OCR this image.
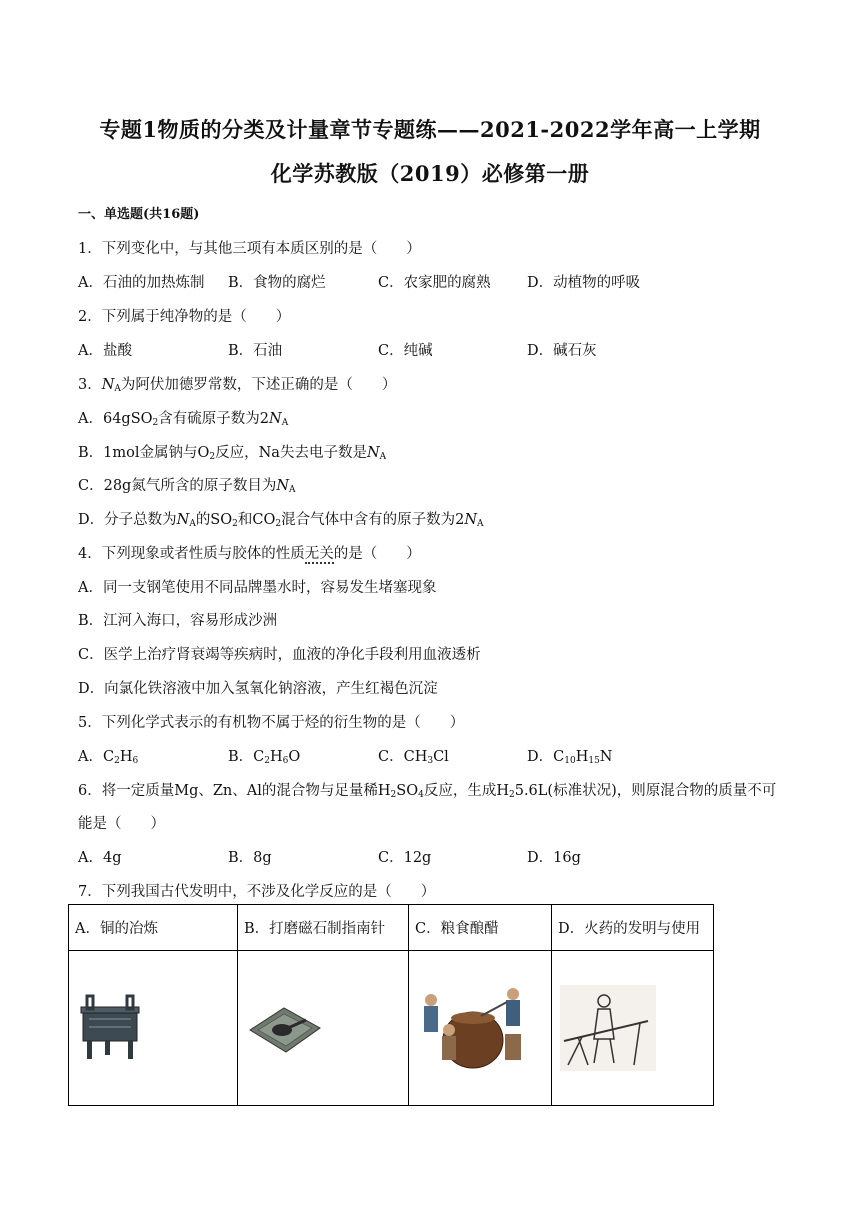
专题1物质的分类及计量章节专题练——2021-2022学年高一上学期
化学苏教版（2019）必修第一册
一、单选题(共16题)
1．下列变化中，与其他三项有本质区别的是（　　）
A．石油的加热炼制 B．食物的腐烂	C．农家肥的腐熟	D．动植物的呼吸
2．下列属于纯净物的是（　　）
A．盐酸	B．石油	C．纯碱	D．碱石灰
3．$N_A$为阿伏加德罗常数，下述正确的是（　　）
A．64gSO$_2$含有硫原子数为$2N_A$
B．1mol金属钠与$O_2$反应，Na失去电子数是$N_A$
C．28g氮气所含的原子数目为$N_A$
D．分子总数为$N_A$的$SO_2$和$CO_2$混合气体中含有的原子数为$2N_A$
4．下列现象或者性质与胶体的性质无关的是（　　）
A．同一支钢笔使用不同品牌墨水时，容易发生堵塞现象
B．江河入海口，容易形成沙洲
C．医学上治疗肾衰竭等疾病时，血液的净化手段利用血液透析
D．向氯化铁溶液中加入氢氧化钠溶液，产生红褐色沉淀
5．下列化学式表示的有机物不属于烃的衍生物的是（　　）
A．$C_2H_6$	B．$C_2H_6O$	C．$CH_3Cl$	D．$C_{10}H_{15}N$
6．将一定质量Mg、Zn、Al的混合物与足量稀$H_2SO_4$反应，生成$H_25.6L$(标准状况)，则原混合物的质量不可
能是（　　）
A．4g	B．8g	C．12g	D．16g
7．下列我国古代发明中，不涉及化学反应的是（　　）
A．铜的冶炼	B．打磨磁石制指南针	C．粮食酿醋	D．火药的发明与使用
